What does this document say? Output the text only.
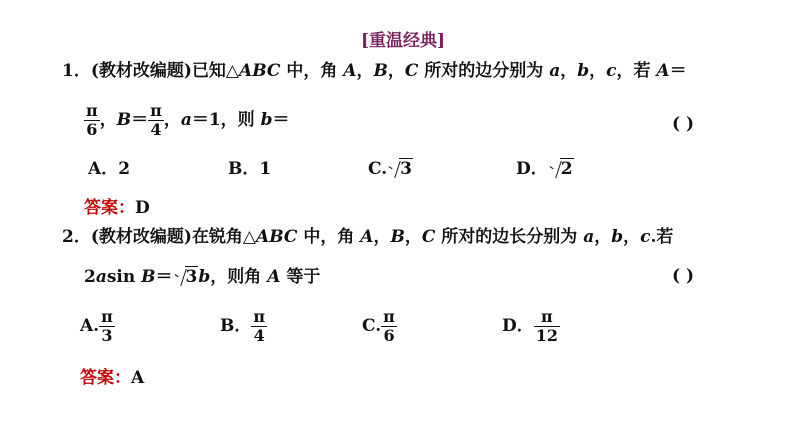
[重温经典]
1．(教材改编题)已知△ABC 中，角 A，B，C 所对的边分别为 a，b，c，若 A＝
$\frac{\pi}{6}$ ，$B= \frac{\pi}{4}$ ，a＝1，则 b＝	( )
A．2	B．1	C. 3	D． 2
答案：D
2．(教材改编题)在锐角△ABC 中，角 A，B，C 所对的边长分别为 a，b，c.若
2asin B＝ 3b，则角 A 等于	( )
A. $\frac{\pi}{3}$	B． $\frac{\pi}{4}$	C. $\frac{\pi}{6}$	D． $\frac{\pi}{12}$
答案：A
